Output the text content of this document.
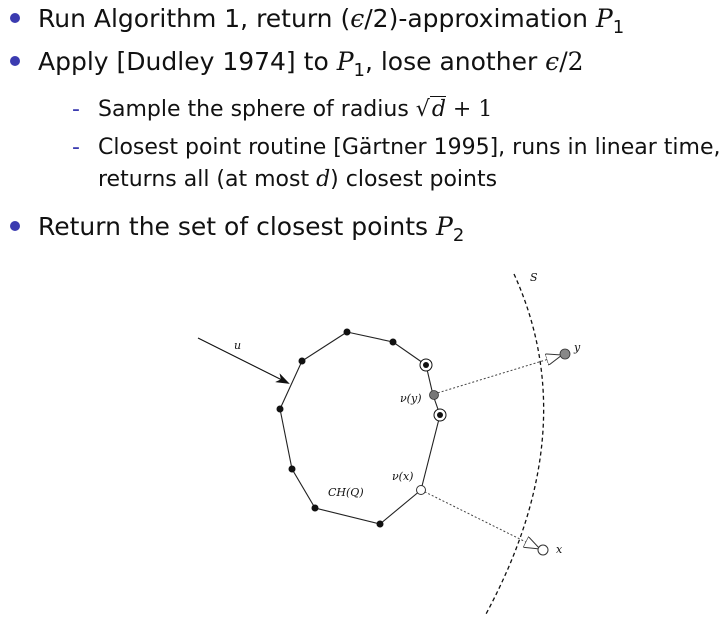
Run Algorithm 1, return (ϵ/2)-approximation $P_1$
Apply [Dudley 1974] to $P_1$, lose another ϵ/2
- Sample the sphere of radius √d + 1
- Closest point routine [Gärtner 1995], runs in linear time,
returns all (at most d) closest points
Return the set of closest points $P_2$
u
S
y
x
ν(y)
ν(x)
CH(Q)
